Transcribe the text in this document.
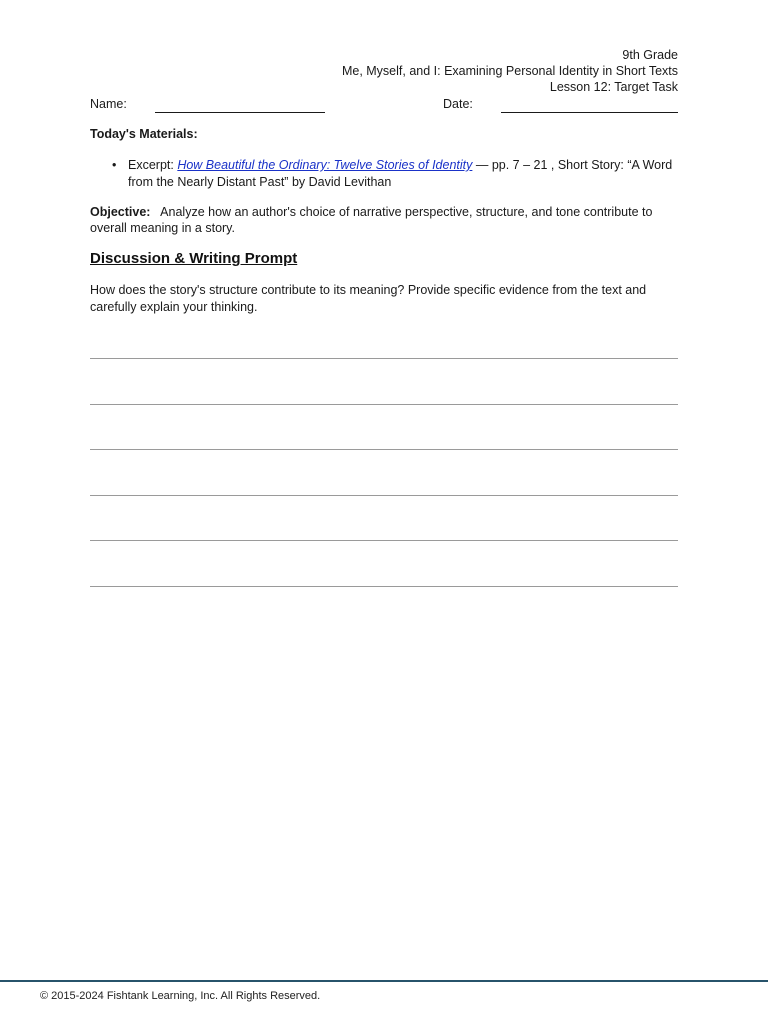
9th Grade
Me, Myself, and I: Examining Personal Identity in Short Texts
Lesson 12: Target Task
Name:	Date:
Today's Materials:
• Excerpt: How Beautiful the Ordinary: Twelve Stories of Identity — pp. 7 – 21 , Short Story: “A Word from the Nearly Distant Past” by David Levithan
Objective: Analyze how an author's choice of narrative perspective, structure, and tone contribute to overall meaning in a story.
Discussion & Writing Prompt
How does the story's structure contribute to its meaning? Provide specific evidence from the text and carefully explain your thinking.
© 2015-2024 Fishtank Learning, Inc. All Rights Reserved.
